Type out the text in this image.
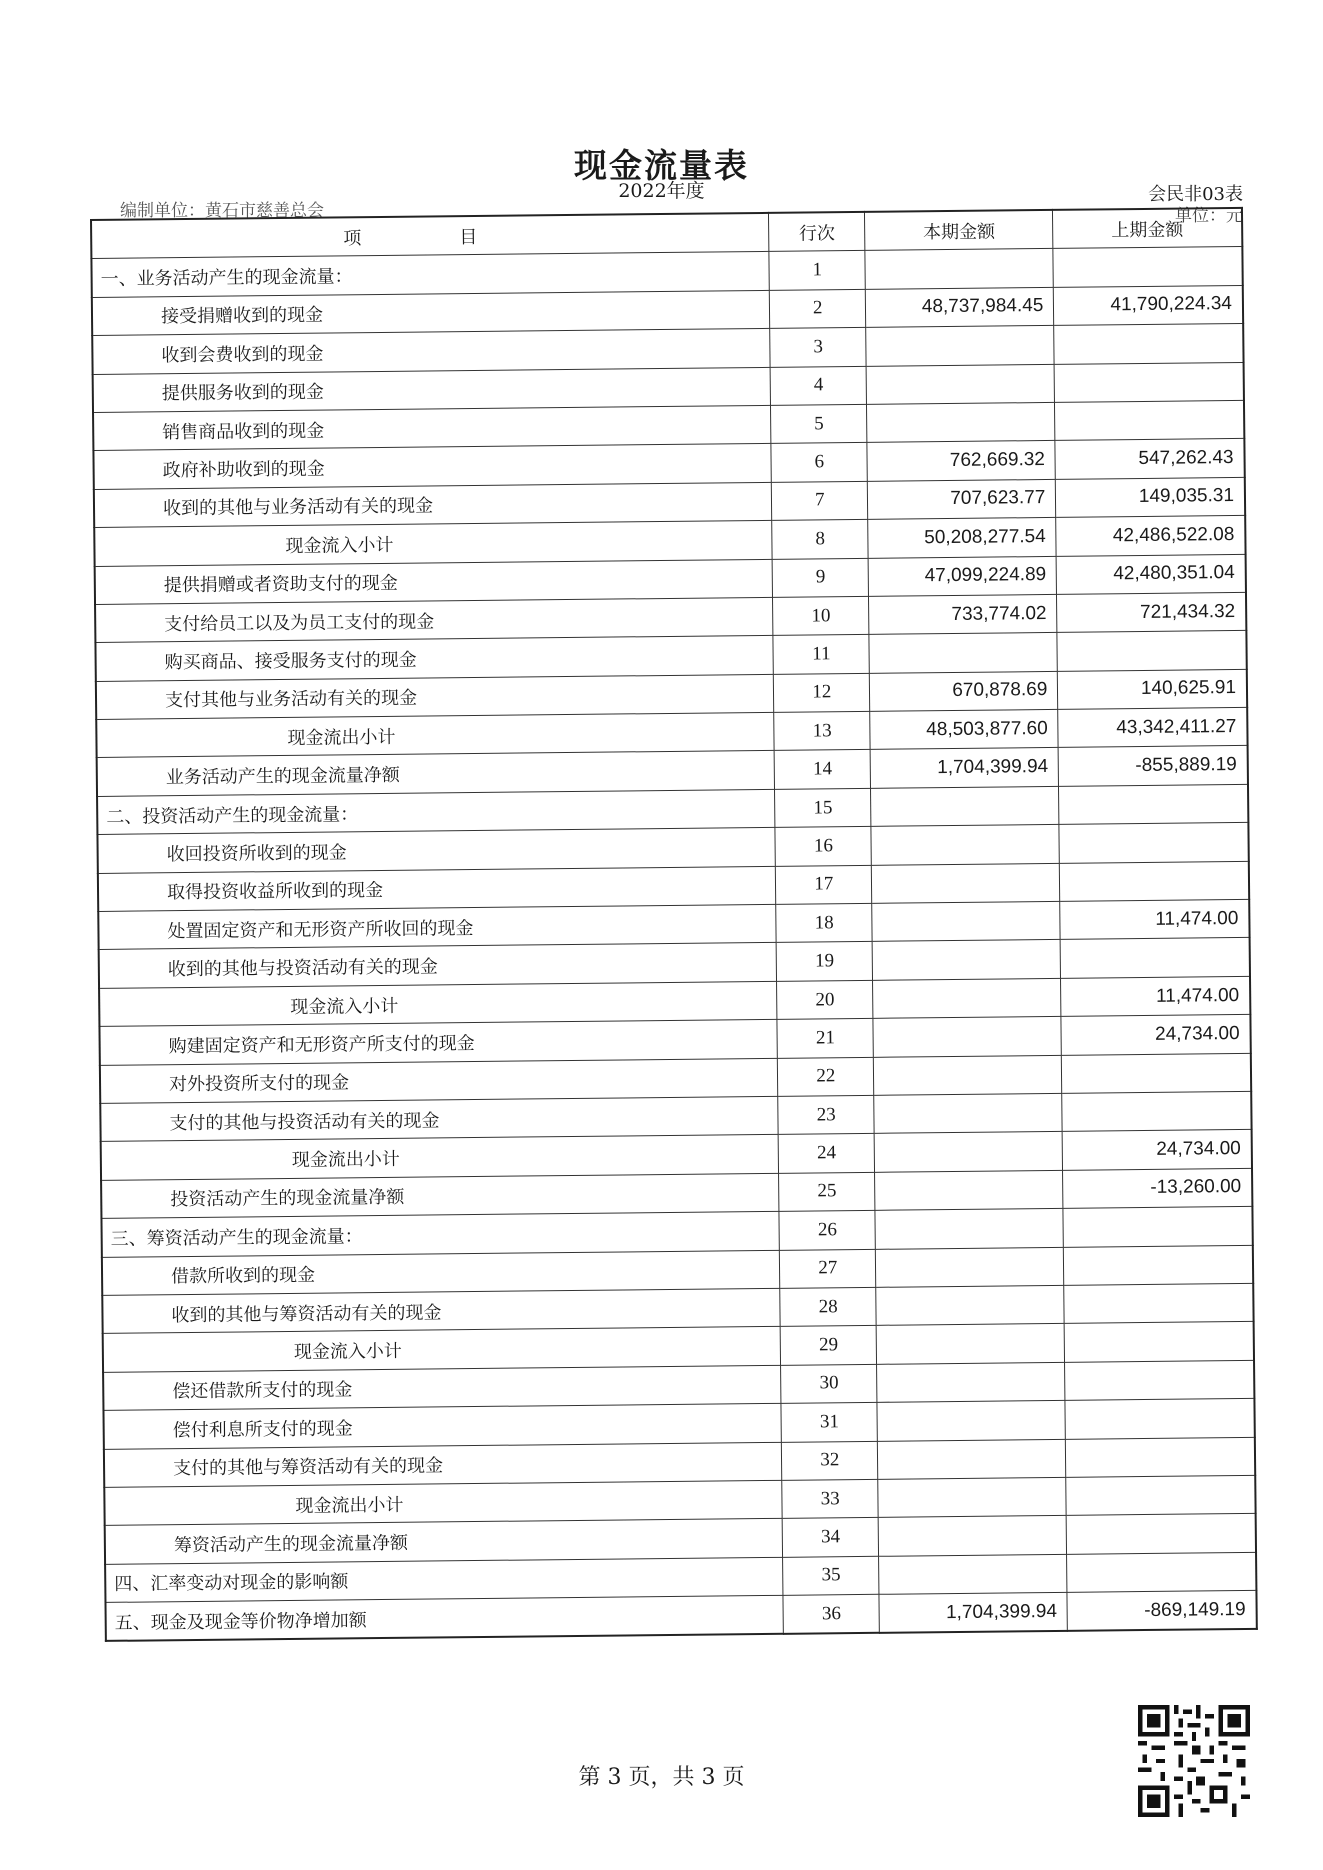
现金流量表
2022年度
编制单位：黄石市慈善总会
会民非03表
单位：元
项　目	行次	本期金额	上期金额
一、业务活动产生的现金流量：	1		
接受捐赠收到的现金	2	48,737,984.45	41,790,224.34
收到会费收到的现金	3		
提供服务收到的现金	4		
销售商品收到的现金	5		
政府补助收到的现金	6	762,669.32	547,262.43
收到的其他与业务活动有关的现金	7	707,623.77	149,035.31
现金流入小计	8	50,208,277.54	42,486,522.08
提供捐赠或者资助支付的现金	9	47,099,224.89	42,480,351.04
支付给员工以及为员工支付的现金	10	733,774.02	721,434.32
购买商品、接受服务支付的现金	11		
支付其他与业务活动有关的现金	12	670,878.69	140,625.91
现金流出小计	13	48,503,877.60	43,342,411.27
业务活动产生的现金流量净额	14	1,704,399.94	-855,889.19
二、投资活动产生的现金流量：	15		
收回投资所收到的现金	16		
取得投资收益所收到的现金	17		
处置固定资产和无形资产所收回的现金	18		11,474.00
收到的其他与投资活动有关的现金	19		
现金流入小计	20		11,474.00
购建固定资产和无形资产所支付的现金	21		24,734.00
对外投资所支付的现金	22		
支付的其他与投资活动有关的现金	23		
现金流出小计	24		24,734.00
投资活动产生的现金流量净额	25		-13,260.00
三、筹资活动产生的现金流量：	26		
借款所收到的现金	27		
收到的其他与筹资活动有关的现金	28		
现金流入小计	29		
偿还借款所支付的现金	30		
偿付利息所支付的现金	31		
支付的其他与筹资活动有关的现金	32		
现金流出小计	33		
筹资活动产生的现金流量净额	34		
四、汇率变动对现金的影响额	35		
五、现金及现金等价物净增加额	36	1,704,399.94	-869,149.19
第 3 页，共 3 页
